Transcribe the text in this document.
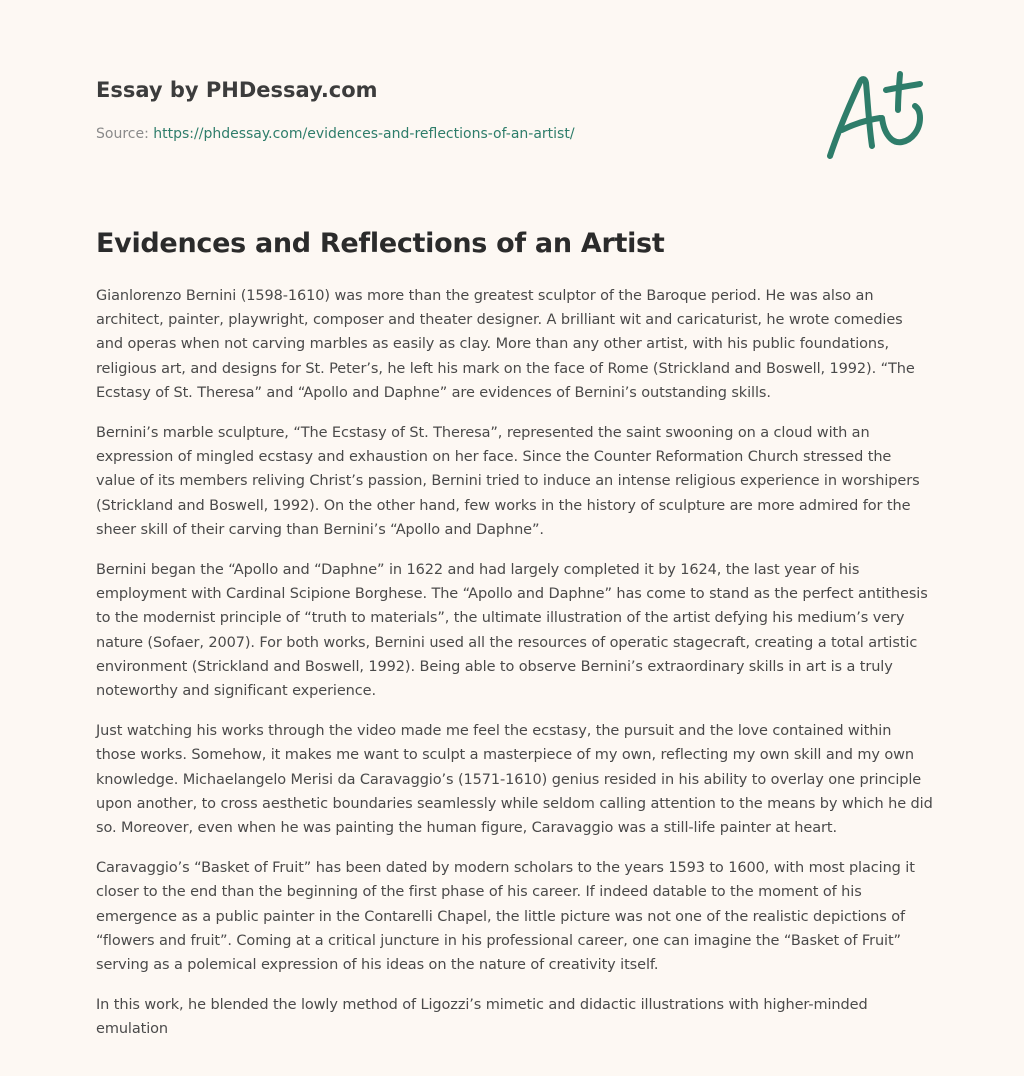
Essay by PHDessay.com
Source: https://phdessay.com/evidences-and-reflections-of-an-artist/
Evidences and Reflections of an Artist

Gianlorenzo Bernini (1598-1610) was more than the greatest sculptor of the Baroque period. He was also an architect, painter, playwright, composer and theater designer. A brilliant wit and caricaturist, he wrote comedies and operas when not carving marbles as easily as clay. More than any other artist, with his public foundations, religious art, and designs for St. Peter’s, he left his mark on the face of Rome (Strickland and Boswell, 1992). “The Ecstasy of St. Theresa” and “Apollo and Daphne” are evidences of Bernini’s outstanding skills.

Bernini’s marble sculpture, “The Ecstasy of St. Theresa”, represented the saint swooning on a cloud with an expression of mingled ecstasy and exhaustion on her face. Since the Counter Reformation Church stressed the value of its members reliving Christ’s passion, Bernini tried to induce an intense religious experience in worshipers (Strickland and Boswell, 1992). On the other hand, few works in the history of sculpture are more admired for the sheer skill of their carving than Bernini’s “Apollo and Daphne”.

Bernini began the “Apollo and “Daphne” in 1622 and had largely completed it by 1624, the last year of his employment with Cardinal Scipione Borghese. The “Apollo and Daphne” has come to stand as the perfect antithesis to the modernist principle of “truth to materials”, the ultimate illustration of the artist defying his medium’s very nature (Sofaer, 2007). For both works, Bernini used all the resources of operatic stagecraft, creating a total artistic environment (Strickland and Boswell, 1992). Being able to observe Bernini’s extraordinary skills in art is a truly noteworthy and significant experience.

Just watching his works through the video made me feel the ecstasy, the pursuit and the love contained within those works. Somehow, it makes me want to sculpt a masterpiece of my own, reflecting my own skill and my own knowledge. Michaelangelo Merisi da Caravaggio’s (1571-1610) genius resided in his ability to overlay one principle upon another, to cross aesthetic boundaries seamlessly while seldom calling attention to the means by which he did so. Moreover, even when he was painting the human figure, Caravaggio was a still-life painter at heart.

Caravaggio’s “Basket of Fruit” has been dated by modern scholars to the years 1593 to 1600, with most placing it closer to the end than the beginning of the first phase of his career. If indeed datable to the moment of his emergence as a public painter in the Contarelli Chapel, the little picture was not one of the realistic depictions of “flowers and fruit”. Coming at a critical juncture in his professional career, one can imagine the “Basket of Fruit” serving as a polemical expression of his ideas on the nature of creativity itself.

In this work, he blended the lowly method of Ligozzi’s mimetic and didactic illustrations with higher-minded emulation
